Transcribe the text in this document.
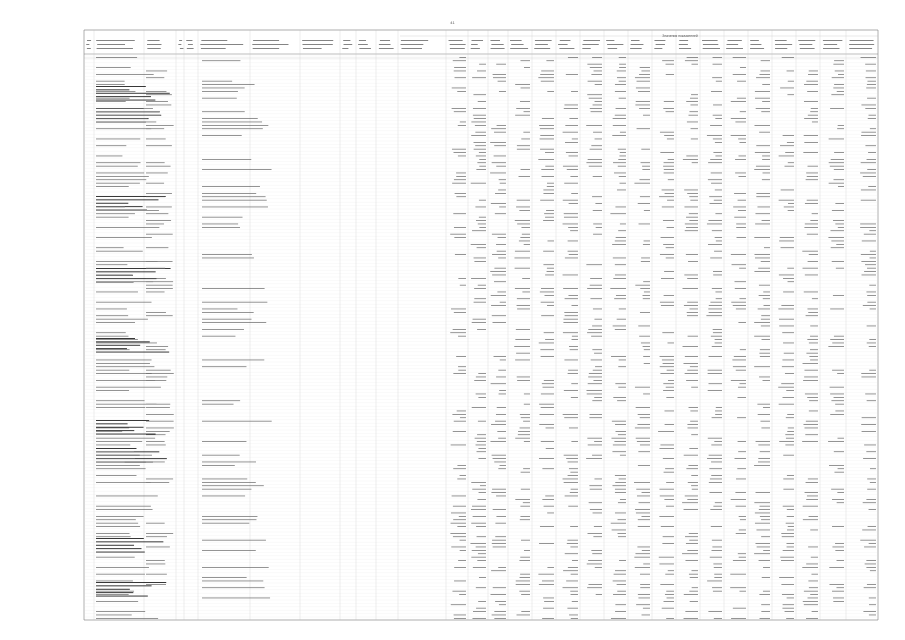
41
Значения показателей
